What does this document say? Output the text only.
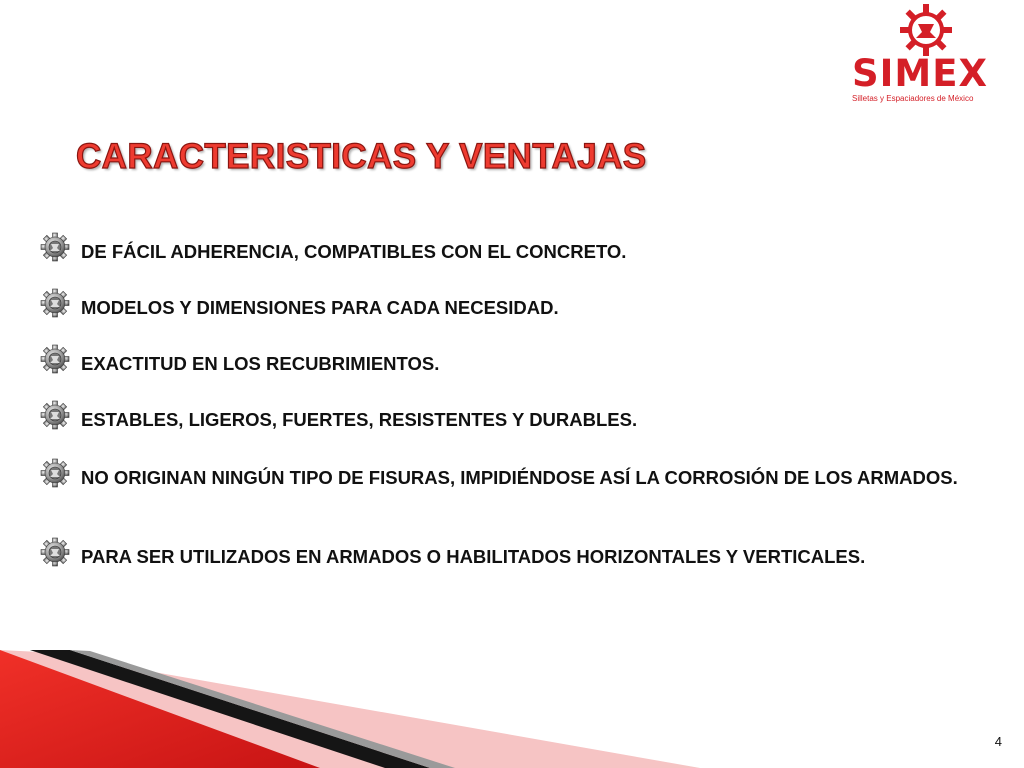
SIMEX
Silletas y Espaciadores de México
CARACTERISTICAS Y VENTAJAS
DE FÁCIL ADHERENCIA, COMPATIBLES CON EL CONCRETO.
MODELOS Y DIMENSIONES PARA CADA NECESIDAD.
EXACTITUD EN LOS RECUBRIMIENTOS.
ESTABLES, LIGEROS, FUERTES, RESISTENTES Y DURABLES.
NO ORIGINAN NINGÚN TIPO DE FISURAS, IMPIDIÉNDOSE ASÍ LA CORROSIÓN DE LOS ARMADOS.
PARA SER UTILIZADOS EN ARMADOS O HABILITADOS HORIZONTALES Y VERTICALES.
4
